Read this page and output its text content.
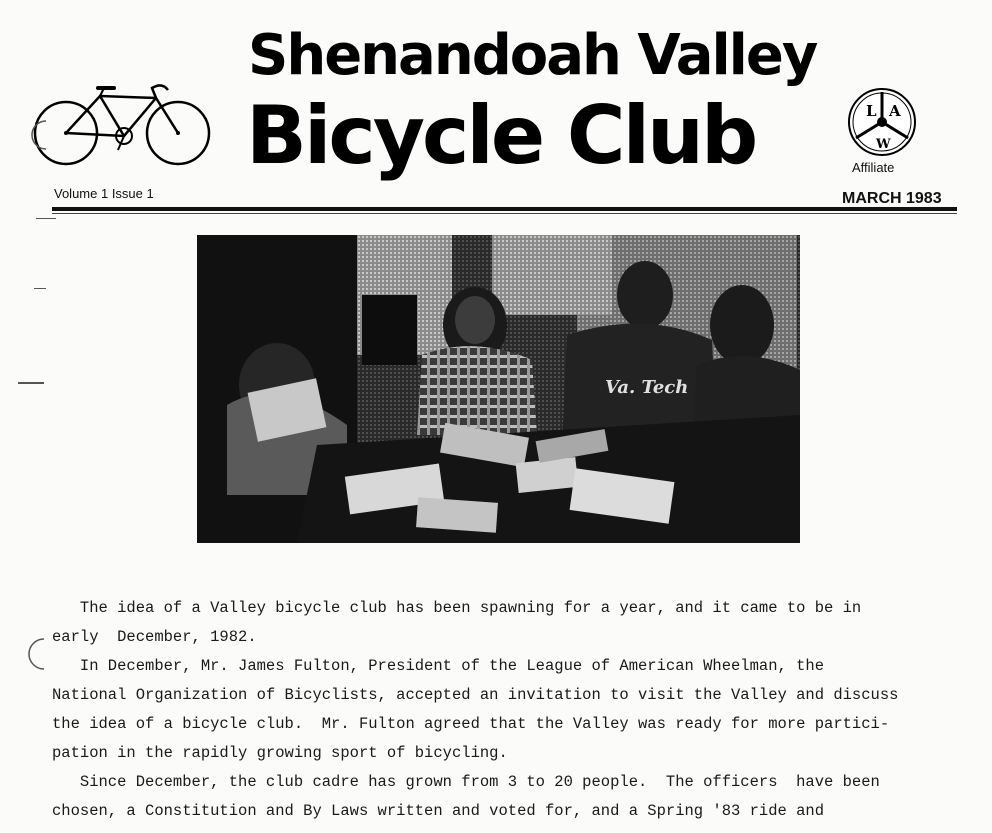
Shenandoah Valley
Bicycle Club	L A
W
Affiliate
Volume 1 Issue 1	MARCH 1983
Va. Tech

The idea of a Valley bicycle club has been spawning for a year, and it came to be in

early  December, 1982.

In December, Mr. James Fulton, President of the League of American Wheelman, the

National Organization of Bicyclists, accepted an invitation to visit the Valley and discuss

the idea of a bicycle club.  Mr. Fulton agreed that the Valley was ready for more partici-

pation in the rapidly growing sport of bicycling.

Since December, the club cadre has grown from 3 to 20 people.  The officers  have been

chosen, a Constitution and By Laws written and voted for, and a Spring '83 ride and
